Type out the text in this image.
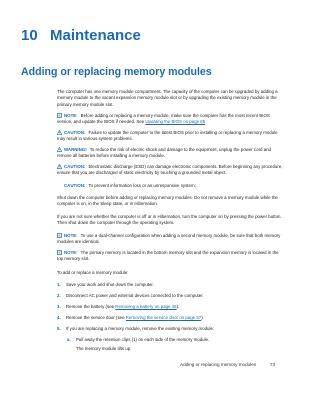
10 Maintenance
Adding or replacing memory modules
The computer has one memory module compartment. The capacity of the computer can be upgraded by adding a memory module to the vacant expansion memory module slot or by upgrading the existing memory module in the primary memory module slot.
NOTE: Before adding or replacing a memory module, make sure the computer has the most recent BIOS version, and update the BIOS if needed. See Updating the BIOS on page 85.
CAUTION: Failure to update the computer to the latest BIOS prior to installing or replacing a memory module may result in various system problems.
WARNING! To reduce the risk of electric shock and damage to the equipment, unplug the power cord and remove all batteries before installing a memory module.
CAUTION: Electrostatic discharge (ESD) can damage electronic components. Before beginning any procedure, ensure that you are discharged of static electricity by touching a grounded metal object.
CAUTION: To prevent information loss or an unresponsive system:
Shut down the computer before adding or replacing memory modules. Do not remove a memory module while the computer is on, in the Sleep state, or in Hibernation.
If you are not sure whether the computer is off or in Hibernation, turn the computer on by pressing the power button. Then shut down the computer through the operating system.
NOTE: To use a dual-channel configuration when adding a second memory module, be sure that both memory modules are identical.
NOTE: The primary memory is located in the bottom memory slot and the expansion memory is located in the top memory slot.
To add or replace a memory module:
1. Save your work and shut down the computer.
2. Disconnect AC power and external devices connected to the computer.
3. Remove the battery (see Removing a battery on page 46).
4. Remove the service door (see Removing the service door on page 57).
5. If you are replacing a memory module, remove the existing memory module:
a. Pull away the retention clips (1) on each side of the memory module.
The memory module tilts up.
Adding or replacing memory modules	73
